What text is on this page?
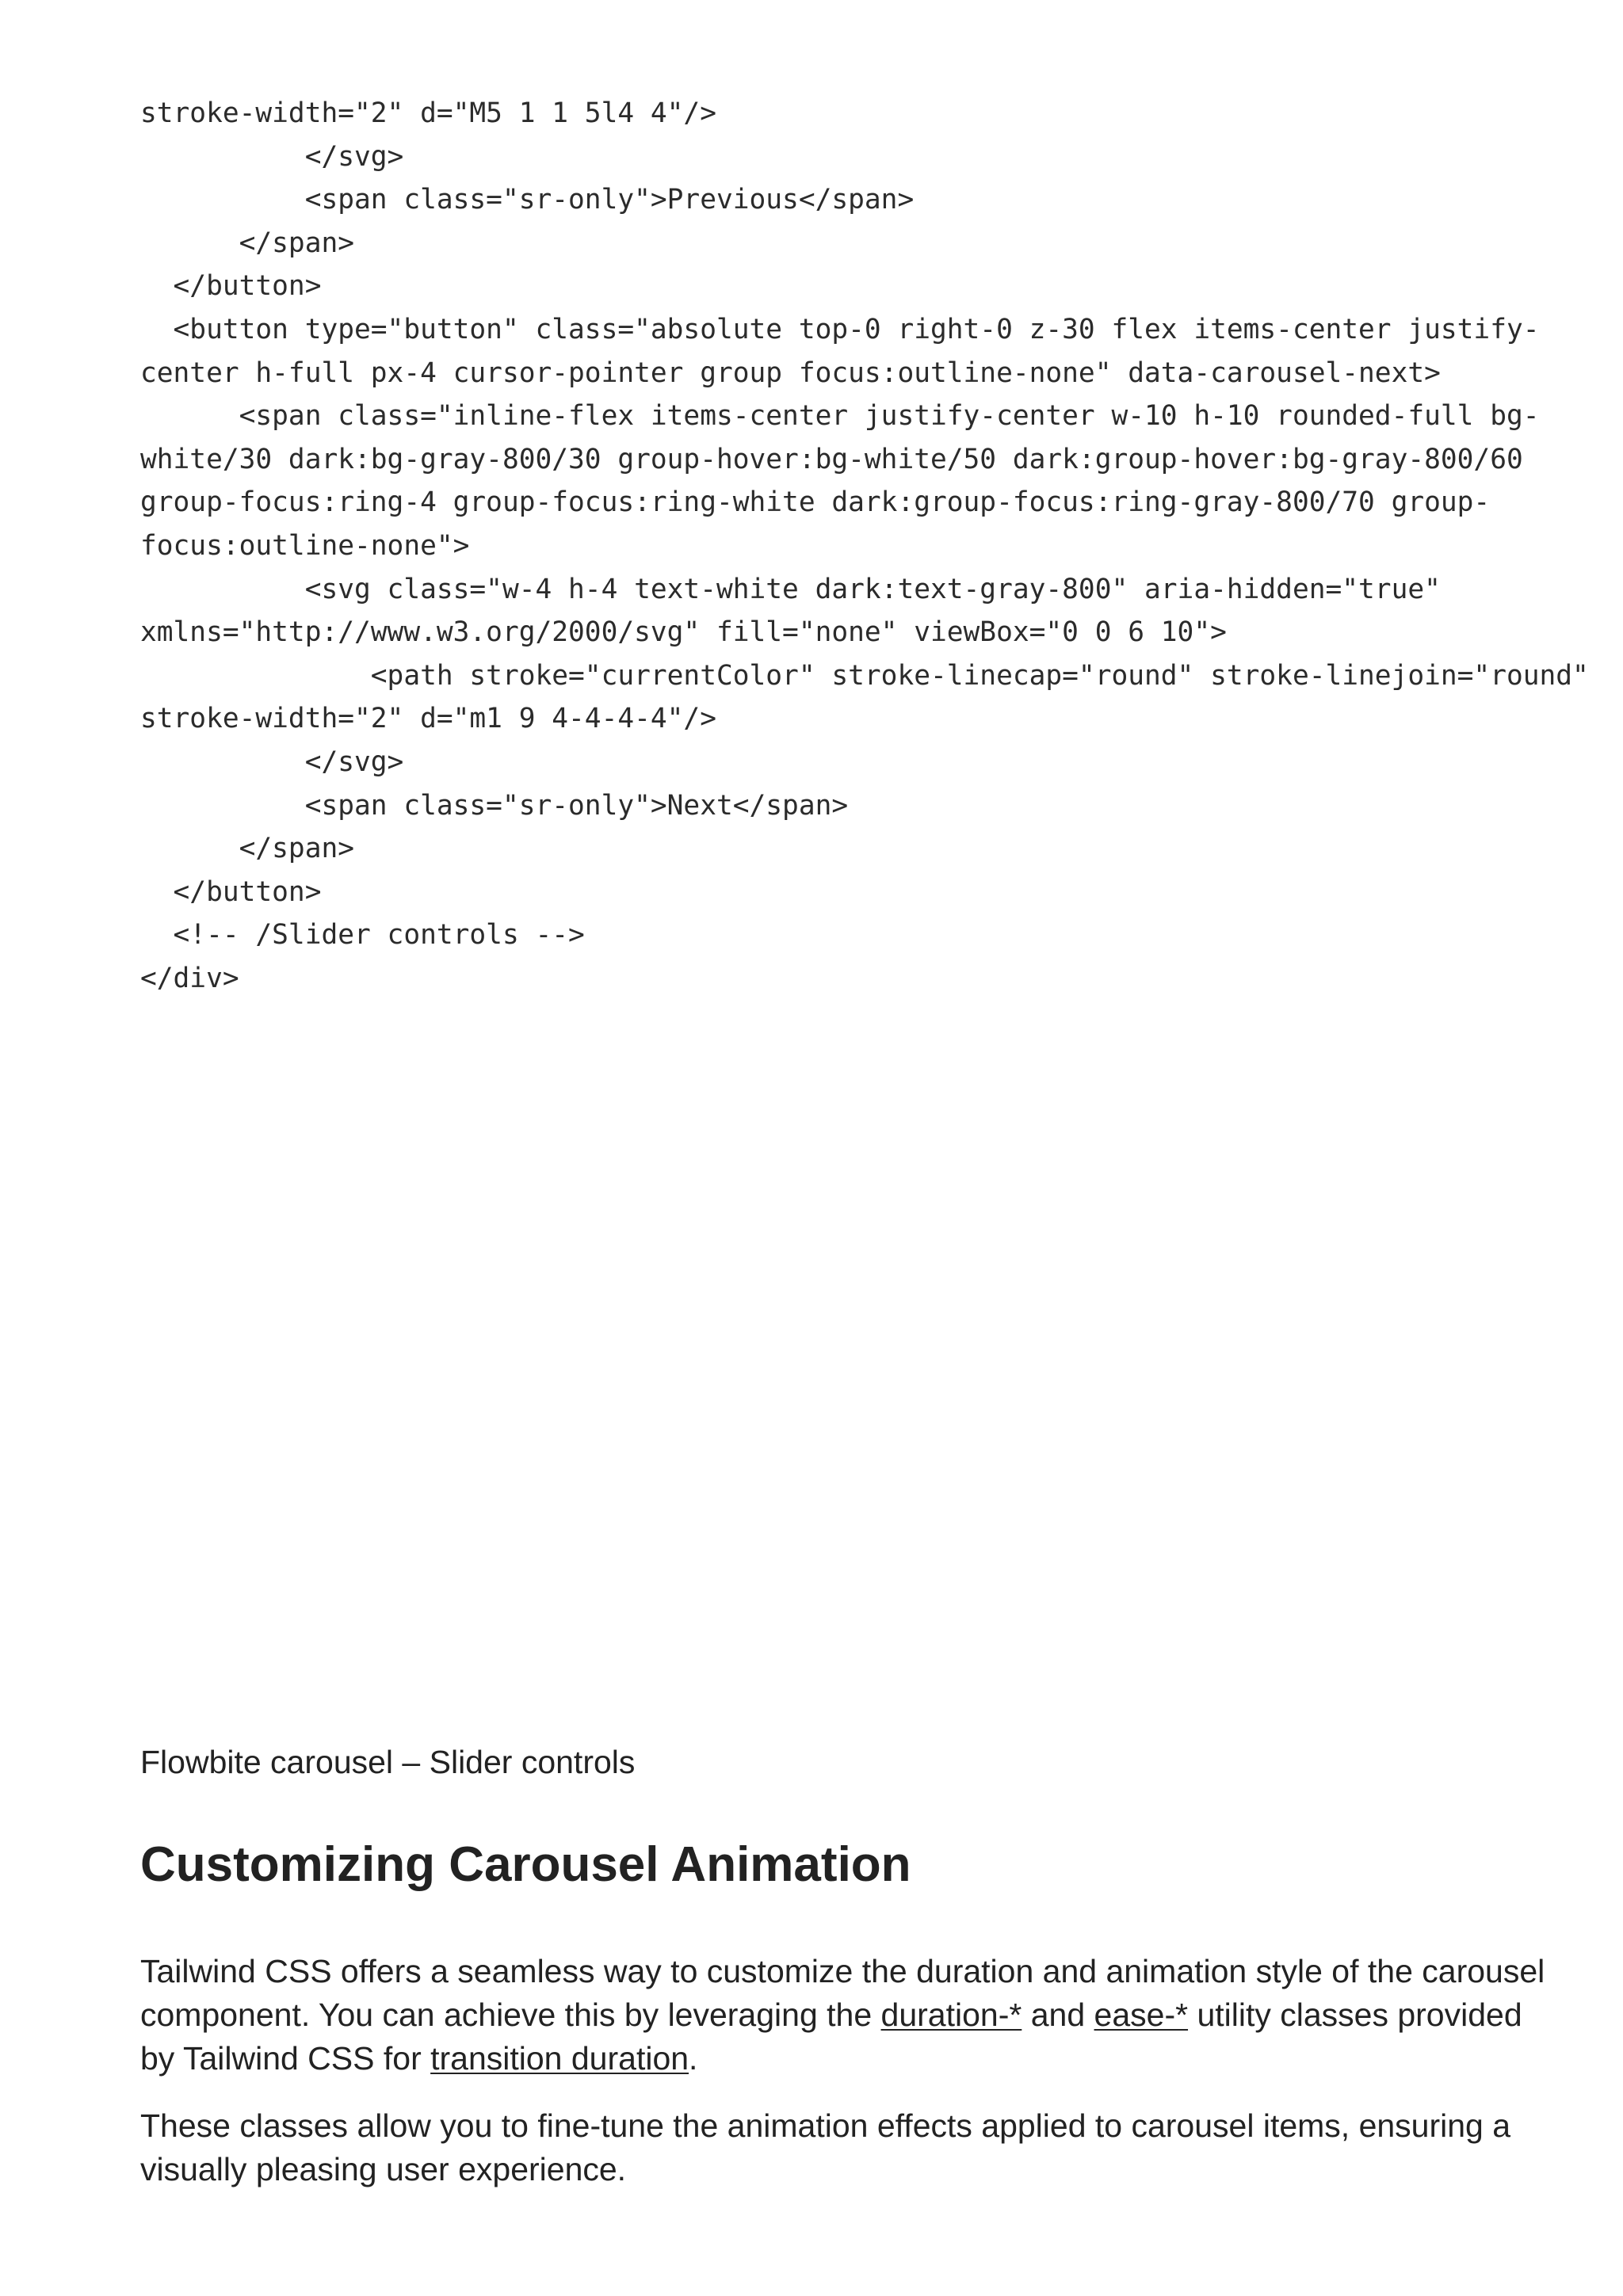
stroke-width="2" d="M5 1 1 5l4 4"/>
</svg>
<span class="sr-only">Previous</span>
</span>
</button>
<button type="button" class="absolute top-0 right-0 z-30 flex items-center justify-
center h-full px-4 cursor-pointer group focus:outline-none" data-carousel-next>
<span class="inline-flex items-center justify-center w-10 h-10 rounded-full bg-
white/30 dark:bg-gray-800/30 group-hover:bg-white/50 dark:group-hover:bg-gray-800/60
group-focus:ring-4 group-focus:ring-white dark:group-focus:ring-gray-800/70 group-
focus:outline-none">
<svg class="w-4 h-4 text-white dark:text-gray-800" aria-hidden="true"
xmlns="http://www.w3.org/2000/svg" fill="none" viewBox="0 0 6 10">
<path stroke="currentColor" stroke-linecap="round" stroke-linejoin="round"
stroke-width="2" d="m1 9 4-4-4-4"/>
</svg>
<span class="sr-only">Next</span>
</span>
</button>
<!-- /Slider controls -->
</div>
Flowbite carousel – Slider controls
Customizing Carousel Animation

Tailwind CSS offers a seamless way to customize the duration and animation style of the carousel component. You can achieve this by leveraging the duration-* and ease-* utility classes provided by Tailwind CSS for transition duration.

These classes allow you to fine-tune the animation effects applied to carousel items, ensuring a visually pleasing user experience.
